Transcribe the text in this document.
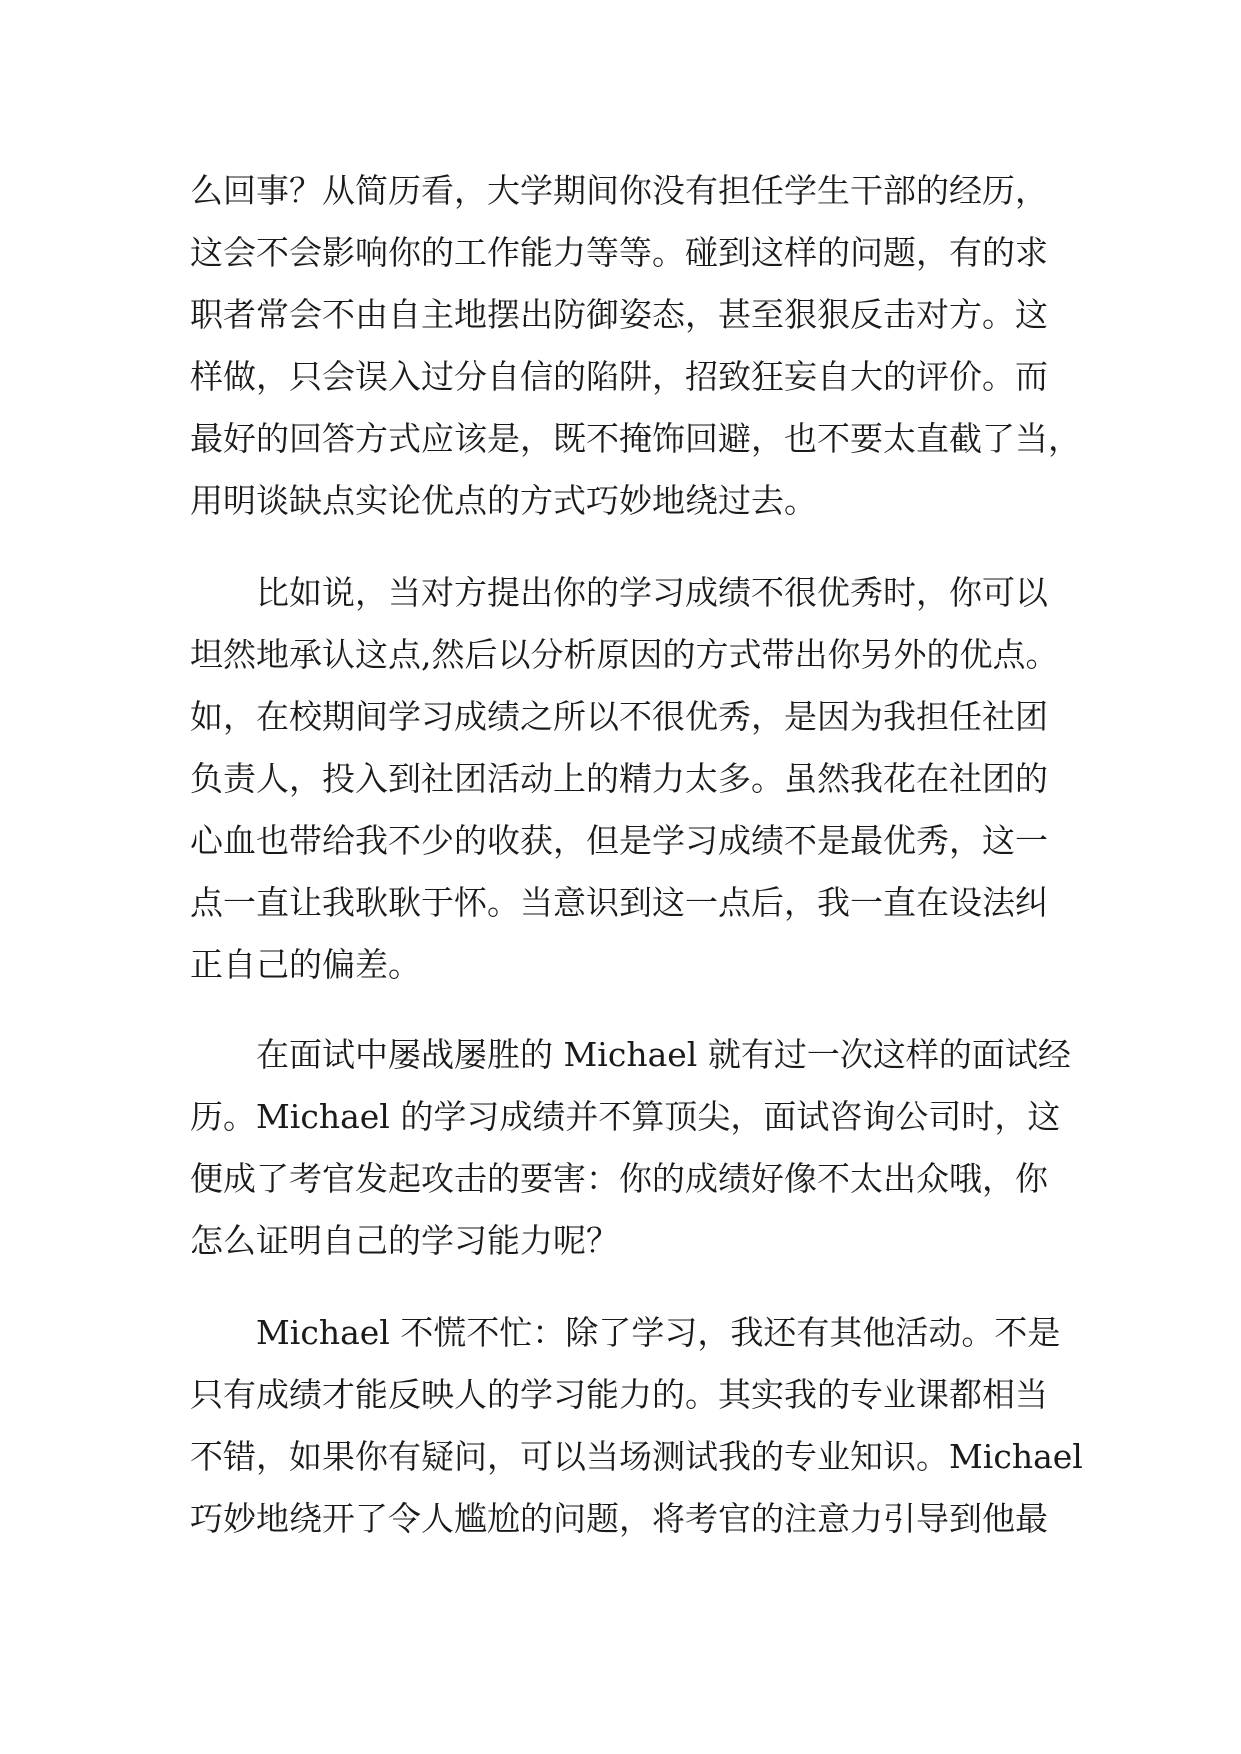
么回事？从简历看，大学期间你没有担任学生干部的经历，
这会不会影响你的工作能力等等。碰到这样的问题，有的求
职者常会不由自主地摆出防御姿态，甚至狠狠反击对方。这
样做，只会误入过分自信的陷阱，招致狂妄自大的评价。而
最好的回答方式应该是，既不掩饰回避，也不要太直截了当，
用明谈缺点实论优点的方式巧妙地绕过去。

比如说，当对方提出你的学习成绩不很优秀时，你可以
坦然地承认这点,然后以分析原因的方式带出你另外的优点。
如，在校期间学习成绩之所以不很优秀，是因为我担任社团
负责人，投入到社团活动上的精力太多。虽然我花在社团的
心血也带给我不少的收获，但是学习成绩不是最优秀，这一
点一直让我耿耿于怀。当意识到这一点后，我一直在设法纠
正自己的偏差。

在面试中屡战屡胜的 Michael 就有过一次这样的面试经
历。Michael 的学习成绩并不算顶尖，面试咨询公司时，这
便成了考官发起攻击的要害：你的成绩好像不太出众哦，你
怎么证明自己的学习能力呢？

Michael 不慌不忙：除了学习，我还有其他活动。不是
只有成绩才能反映人的学习能力的。其实我的专业课都相当
不错，如果你有疑问，可以当场测试我的专业知识。Michael
巧妙地绕开了令人尴尬的问题，将考官的注意力引导到他最
